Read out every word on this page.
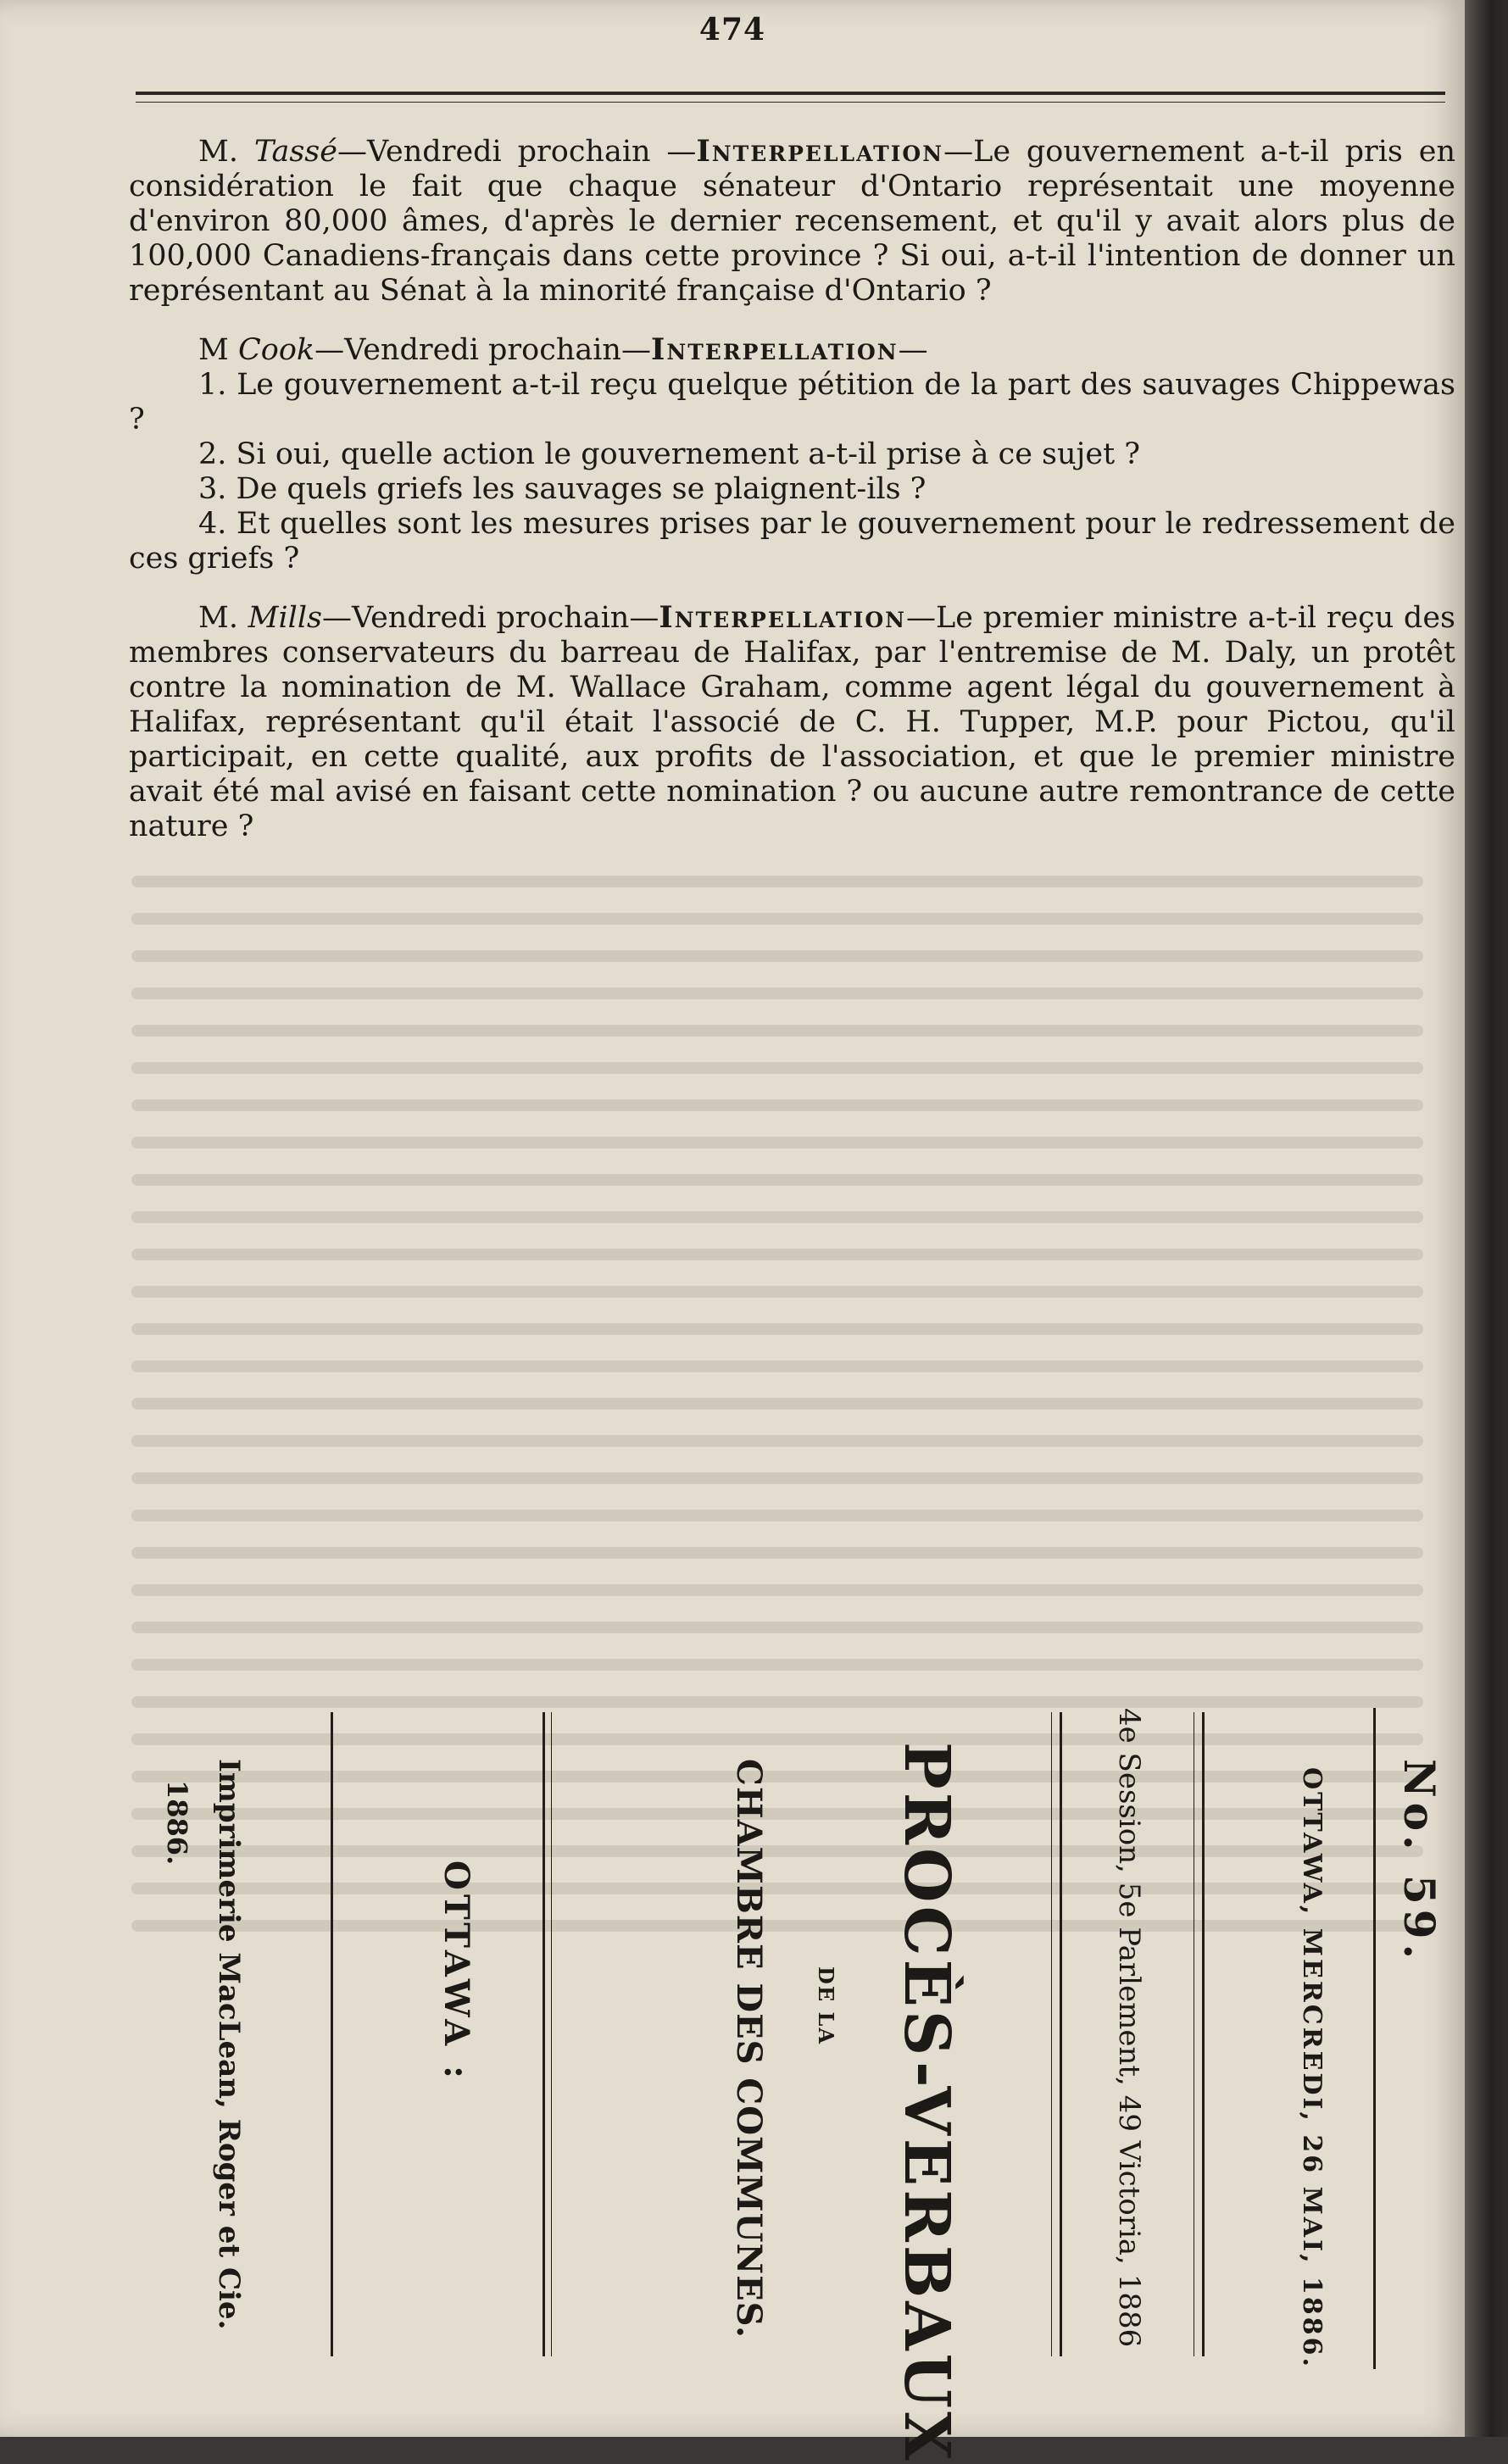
474

M. Tassé—Vendredi prochain —Interpellation—Le gouvernement a-t-il pris en considération le fait que chaque sénateur d'Ontario représentait une moyenne d'environ 80,000 âmes, d'après le dernier recensement, et qu'il y avait alors plus de 100,000 Canadiens-français dans cette province ? Si oui, a-t-il l'intention de donner un représentant au Sénat à la minorité française d'Ontario ?

M Cook—Vendredi prochain—Interpellation—

1. Le gouvernement a-t-il reçu quelque pétition de la part des sauvages Chippewas ?

2. Si oui, quelle action le gouvernement a-t-il prise à ce sujet ?

3. De quels griefs les sauvages se plaignent-ils ?

4. Et quelles sont les mesures prises par le gouvernement pour le redressement de ces griefs ?

M. Mills—Vendredi prochain—Interpellation—Le premier ministre a-t-il reçu des membres conservateurs du barreau de Halifax, par l'entremise de M. Daly, un protêt contre la nomination de M. Wallace Graham, comme agent légal du gouvernement à Halifax, représentant qu'il était l'associé de C. H. Tupper, M.P. pour Pictou, qu'il participait, en cette qualité, aux profits de l'association, et que le premier ministre avait été mal avisé en faisant cette nomination ? ou aucune autre remontrance de cette nature ?

No. 59.
OTTAWA, MERCREDI, 26 MAI, 1886.
4e Session, 5e Parlement, 49 Victoria, 1886
PROCÈS-VERBAUX
DE LA
CHAMBRE DES COMMUNES.
OTTAWA :
Imprimerie MacLean, Roger et Cie.
1886.
